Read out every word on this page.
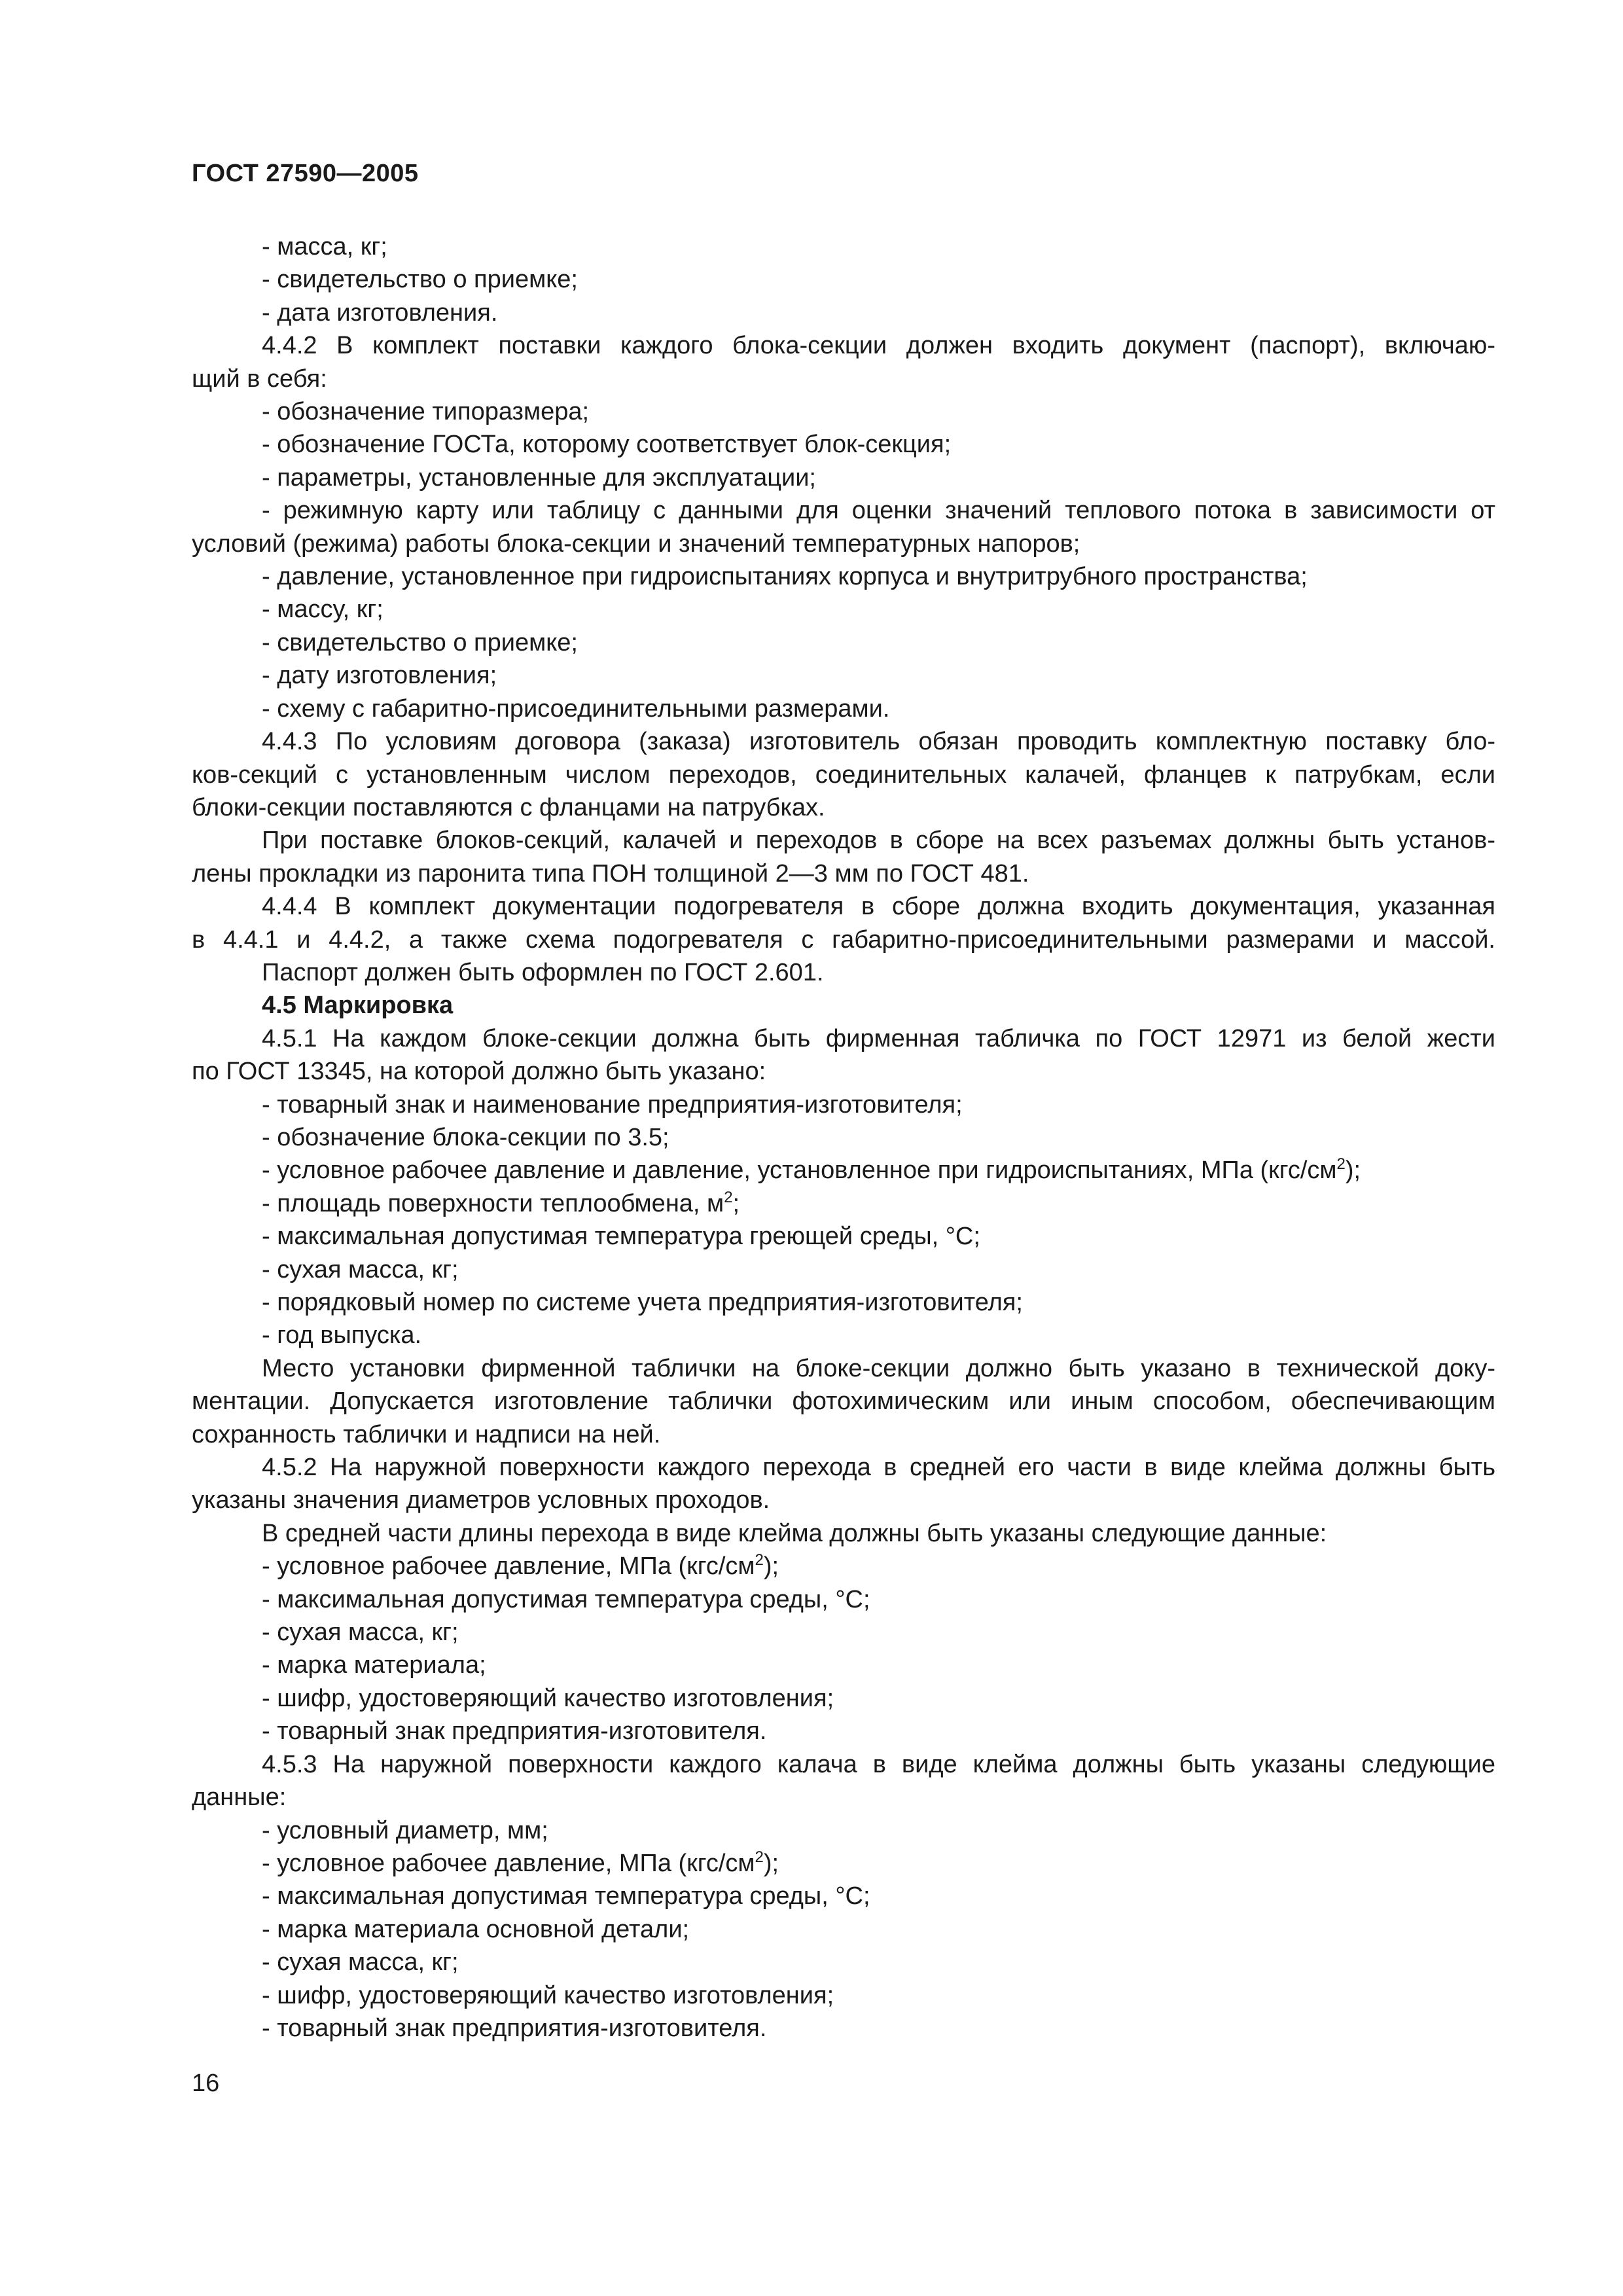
ГОСТ 27590—2005
- масса, кг;
- свидетельство о приемке;
- дата изготовления.
4.4.2 В комплект поставки каждого блока-секции должен входить документ (паспорт), включаю-
щий в себя:
- обозначение типоразмера;
- обозначение ГОСТа, которому соответствует блок-секция;
- параметры, установленные для эксплуатации;
- режимную карту или таблицу с данными для оценки значений теплового потока в зависимости от
условий (режима) работы блока-секции и значений температурных напоров;
- давление, установленное при гидроиспытаниях корпуса и внутритрубного пространства;
- массу, кг;
- свидетельство о приемке;
- дату изготовления;
- схему с габаритно-присоединительными размерами.
4.4.3 По условиям договора (заказа) изготовитель обязан проводить комплектную поставку бло-
ков-секций с установленным числом переходов, соединительных калачей, фланцев к патрубкам, если
блоки-секции поставляются с фланцами на патрубках.
При поставке блоков-секций, калачей и переходов в сборе на всех разъемах должны быть установ-
лены прокладки из паронита типа ПОН толщиной 2—3 мм по ГОСТ 481.
4.4.4 В комплект документации подогревателя в сборе должна входить документация, указанная
в 4.4.1 и 4.4.2, а также схема подогревателя с габаритно-присоединительными размерами и массой.
Паспорт должен быть оформлен по ГОСТ 2.601.
4.5 Маркировка
4.5.1 На каждом блоке-секции должна быть фирменная табличка по ГОСТ 12971 из белой жести
по ГОСТ 13345, на которой должно быть указано:
- товарный знак и наименование предприятия-изготовителя;
- обозначение блока-секции по 3.5;
- условное рабочее давление и давление, установленное при гидроиспытаниях, МПа $(кгс/см^2)$;
- площадь поверхности теплообмена, $м^2$;
- максимальная допустимая температура греющей среды, °С;
- сухая масса, кг;
- порядковый номер по системе учета предприятия-изготовителя;
- год выпуска.
Место установки фирменной таблички на блоке-секции должно быть указано в технической доку-
ментации. Допускается изготовление таблички фотохимическим или иным способом, обеспечивающим
сохранность таблички и надписи на ней.
4.5.2 На наружной поверхности каждого перехода в средней его части в виде клейма должны быть
указаны значения диаметров условных проходов.
В средней части длины перехода в виде клейма должны быть указаны следующие данные:
- условное рабочее давление, МПа $(кгс/см^2)$;
- максимальная допустимая температура среды, °С;
- сухая масса, кг;
- марка материала;
- шифр, удостоверяющий качество изготовления;
- товарный знак предприятия-изготовителя.
4.5.3 На наружной поверхности каждого калача в виде клейма должны быть указаны следующие
данные:
- условный диаметр, мм;
- условное рабочее давление, МПа $(кгс/см^2)$;
- максимальная допустимая температура среды, °С;
- марка материала основной детали;
- сухая масса, кг;
- шифр, удостоверяющий качество изготовления;
- товарный знак предприятия-изготовителя.
16
